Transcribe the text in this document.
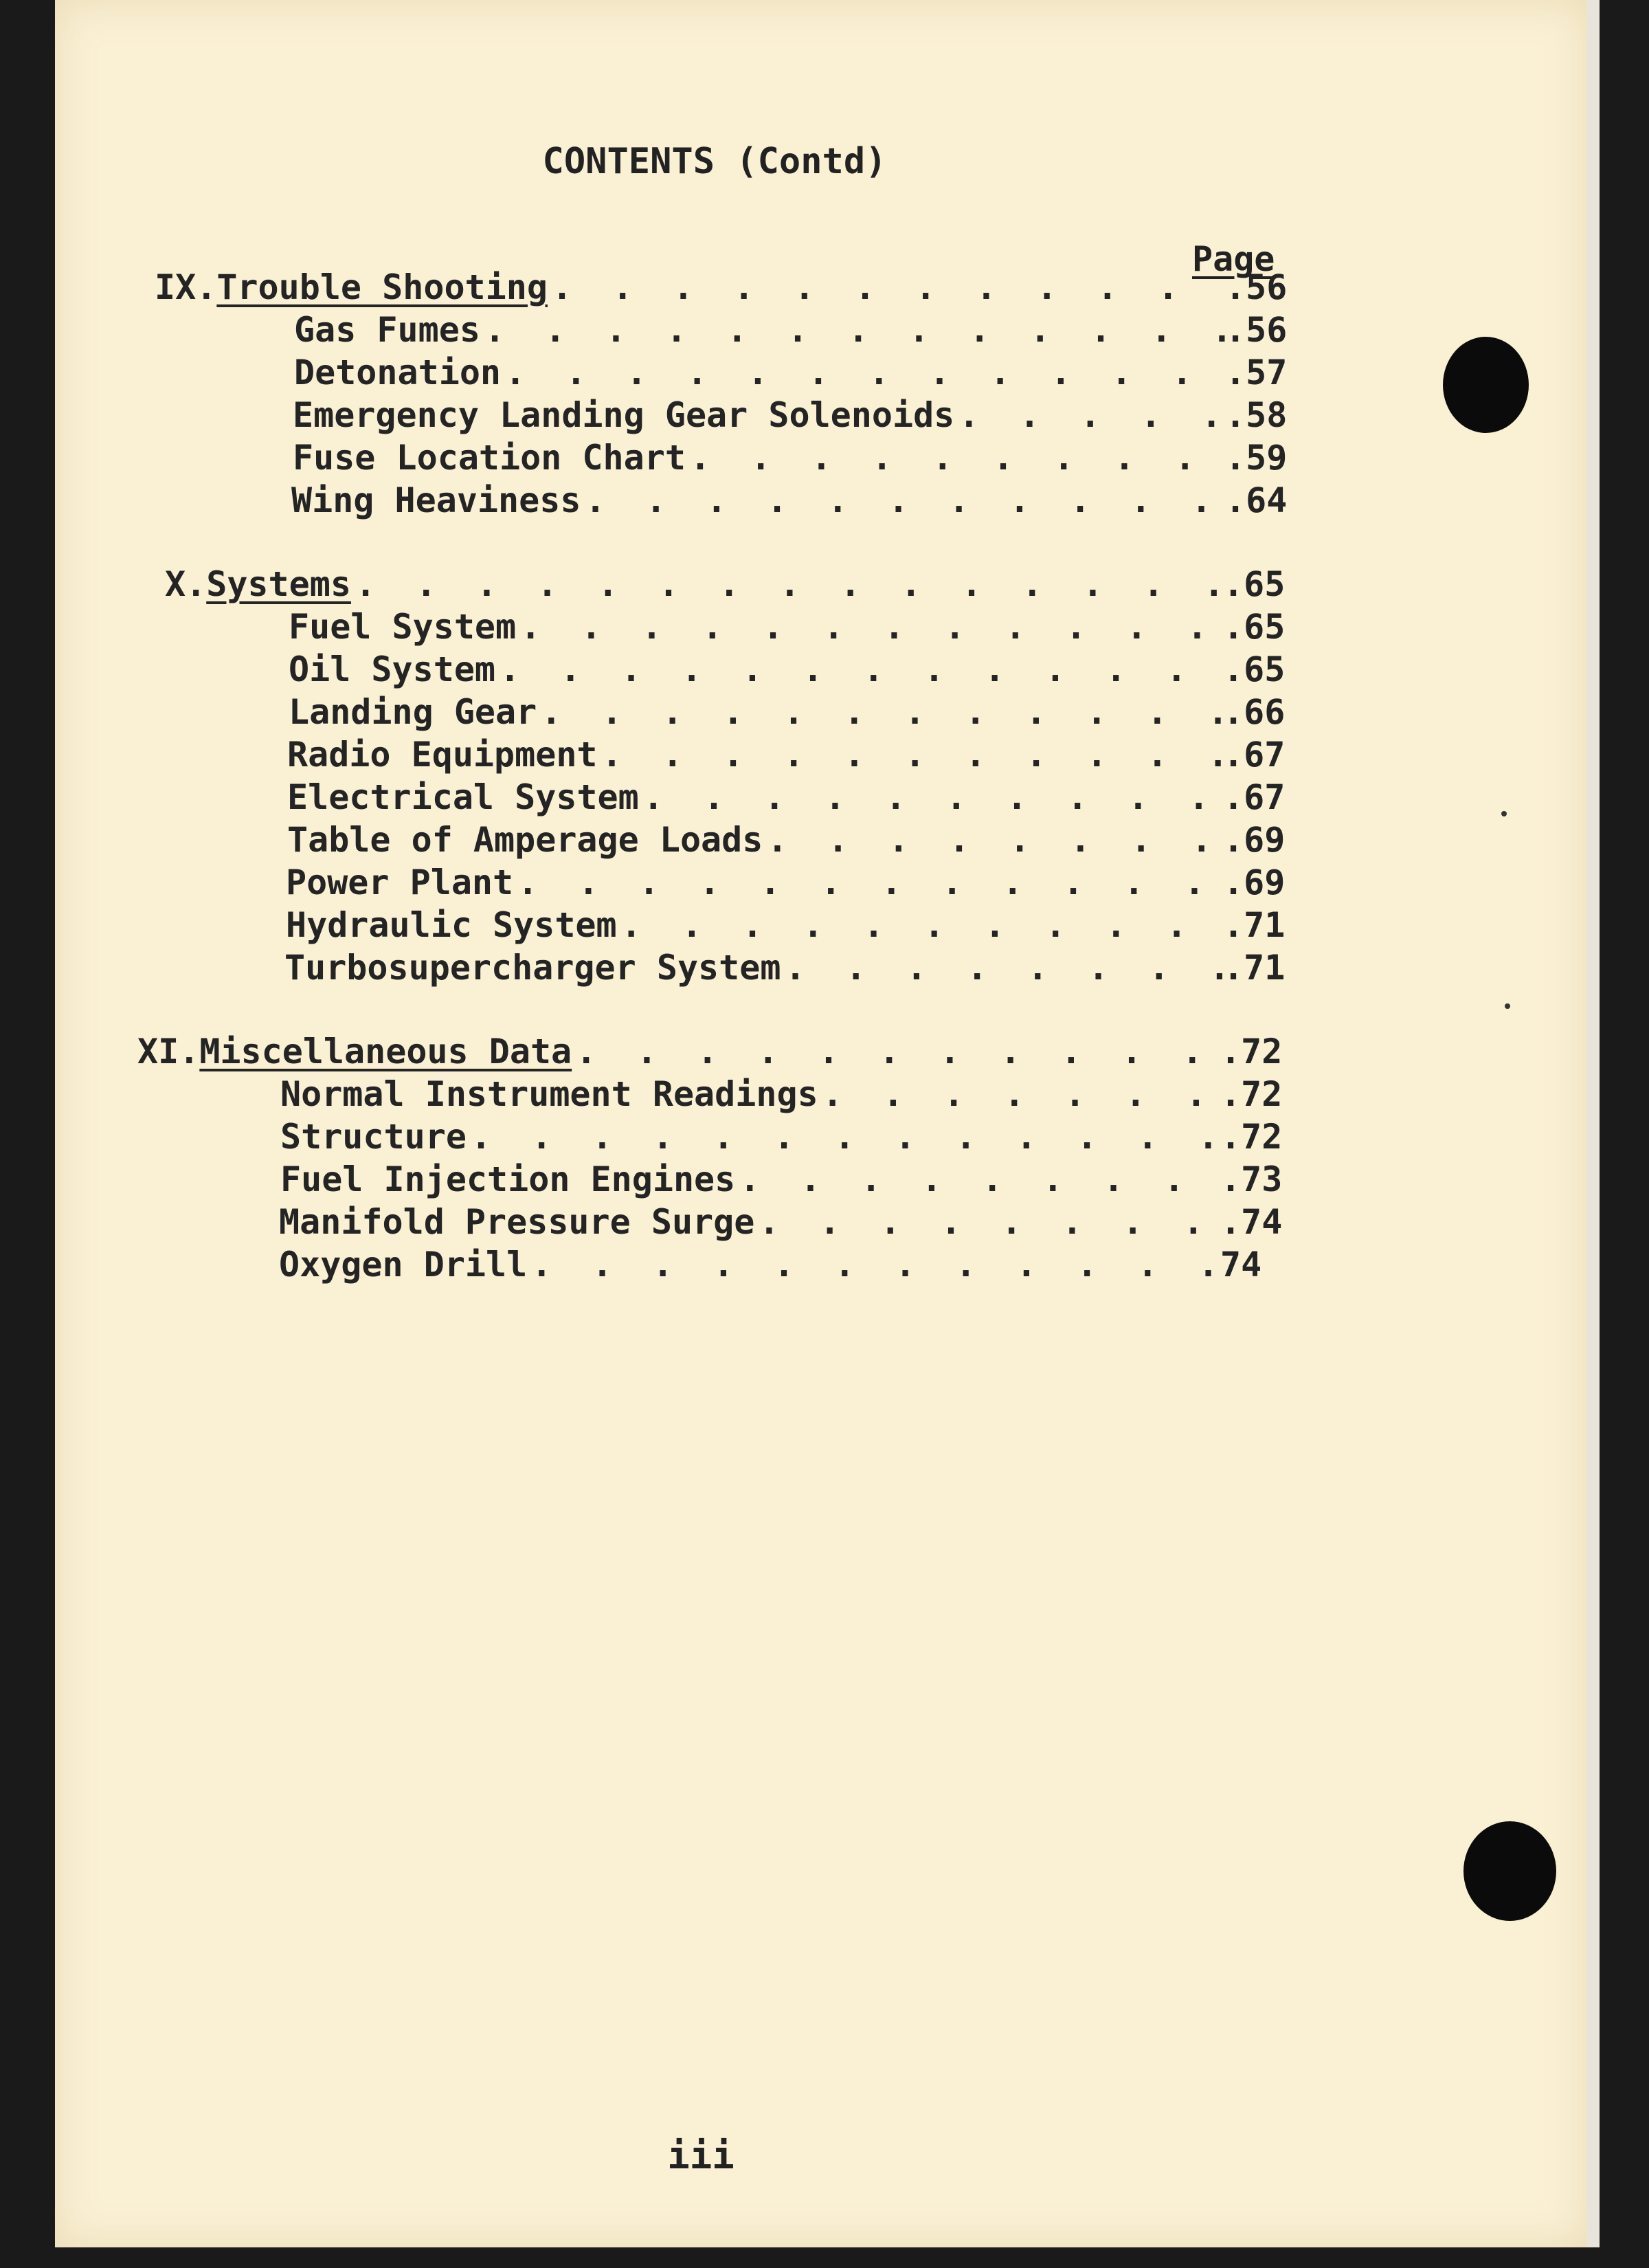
CONTENTS (Contd)
Page
IX. Trouble Shooting . . .	.56
Gas Fumes . . .	.56
Detonation . . .	.57
Emergency Landing Gear Solenoids . . .	.58
Fuse Location Chart . . .	.59
Wing Heaviness . . .	.64
X. Systems . . .	.65
Fuel System . . .	.65
Oil System . . .	.65
Landing Gear . . .	.66
Radio Equipment . . .	.67
Electrical System . . .	.67
Table of Amperage Loads . . .	.69
Power Plant . . .	.69
Hydraulic System . . .	.71
Turbosupercharger System . . .	.71
XI. Miscellaneous Data . . .	.72
Normal Instrument Readings . . .	.72
Structure . . .	.72
Fuel Injection Engines . . .	.73
Manifold Pressure Surge . . .	.74
Oxygen Drill . . .	74
iii
